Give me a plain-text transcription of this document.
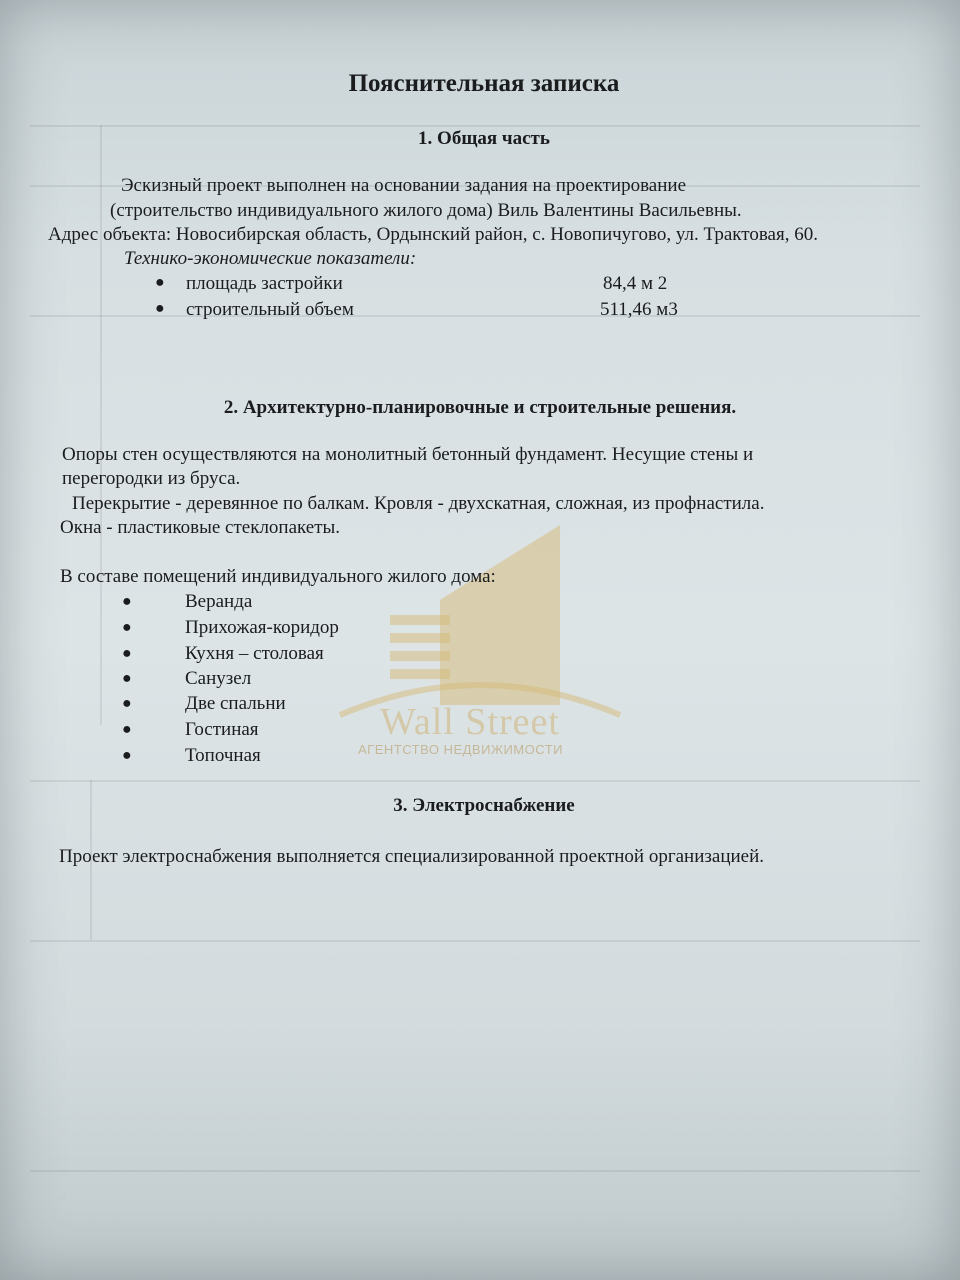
Wall Street
АГЕНТСТВО НЕДВИЖИМОСТИ
Пояснительная записка
1. Общая часть
Эскизный проект выполнен на основании задания на проектирование
(строительство индивидуального жилого дома) Виль Валентины Васильевны.
Адрес объекта: Новосибирская область, Ордынский район, с. Новопичугово, ул. Трактовая, 60.
Технико-экономические показатели:
● площадь застройки	84,4 м 2
● строительный объем	511,46 м3
2. Архитектурно-планировочные и строительные решения.
Опоры стен осуществляются на монолитный бетонный фундамент. Несущие стены и
перегородки из бруса.
Перекрытие - деревянное по балкам. Кровля - двухскатная, сложная, из профнастила.
Окна - пластиковые стеклопакеты.
В составе помещений индивидуального жилого дома:
●	Веранда
●	Прихожая-коридор
●	Кухня – столовая
●	Санузел
●	Две спальни
●	Гостиная
●	Топочная
3. Электроснабжение
Проект электроснабжения выполняется специализированной проектной организацией.
